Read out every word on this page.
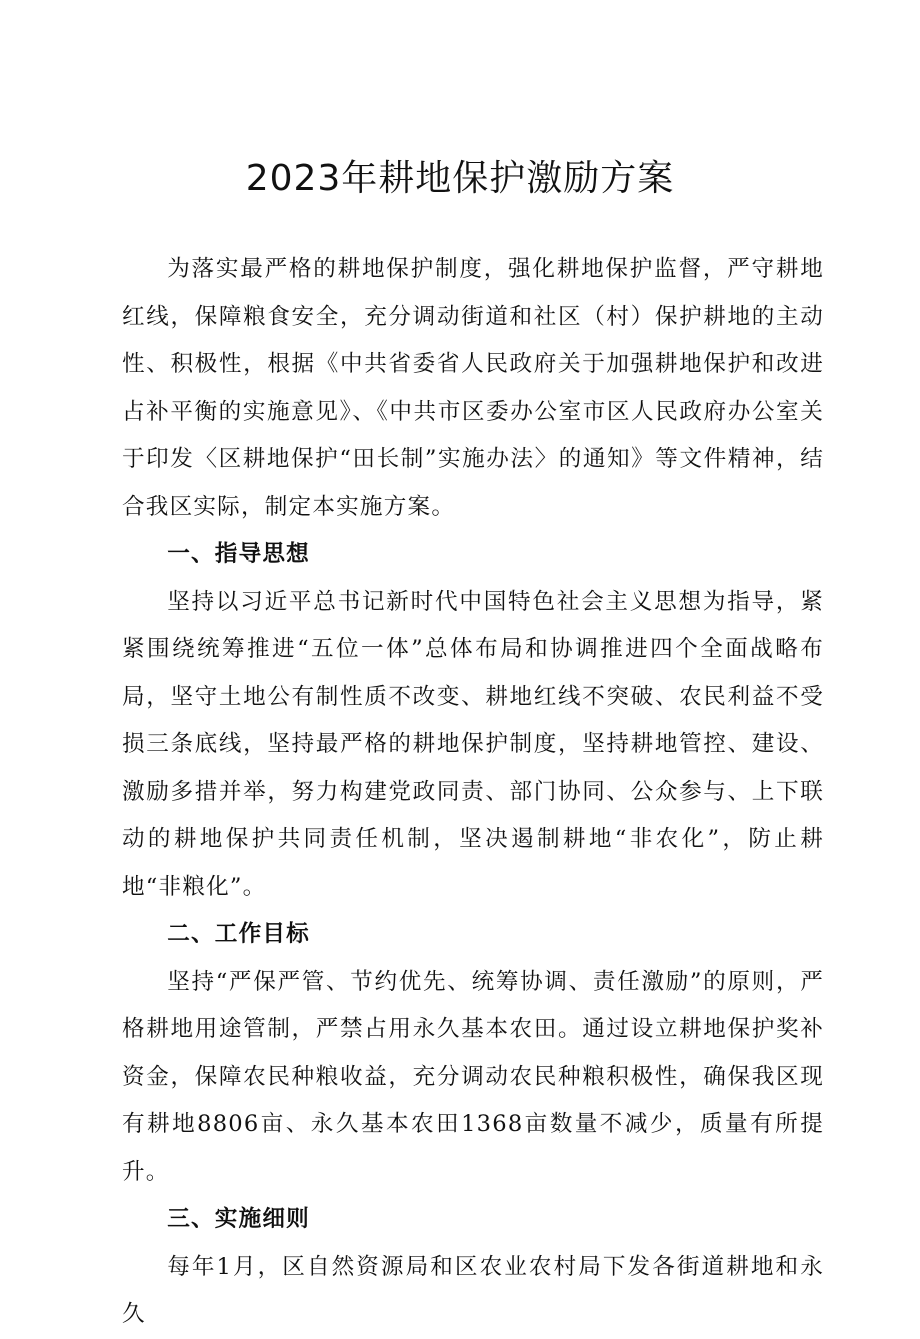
2023年耕地保护激励方案

为落实最严格的耕地保护制度，强化耕地保护监督，严守耕地红线，保障粮食安全，充分调动街道和社区（村）保护耕地的主动性、积极性，根据《中共省委省人民政府关于加强耕地保护和改进占补平衡的实施意见》、《中共市区委办公室市区人民政府办公室关于印发〈区耕地保护“田长制”实施办法〉的通知》等文件精神，结合我区实际，制定本实施方案。

一、指导思想

坚持以习近平总书记新时代中国特色社会主义思想为指导，紧紧围绕统筹推进“五位一体”总体布局和协调推进四个全面战略布局，坚守土地公有制性质不改变、耕地红线不突破、农民利益不受损三条底线，坚持最严格的耕地保护制度，坚持耕地管控、建设、激励多措并举，努力构建党政同责、部门协同、公众参与、上下联动的耕地保护共同责任机制，坚决遏制耕地“非农化”，防止耕地“非粮化”。

二、工作目标

坚持“严保严管、节约优先、统筹协调、责任激励”的原则，严格耕地用途管制，严禁占用永久基本农田。通过设立耕地保护奖补资金，保障农民种粮收益，充分调动农民种粮积极性，确保我区现有耕地8806亩、永久基本农田1368亩数量不减少，质量有所提升。

三、实施细则

每年1月，区自然资源局和区农业农村局下发各街道耕地和永久
